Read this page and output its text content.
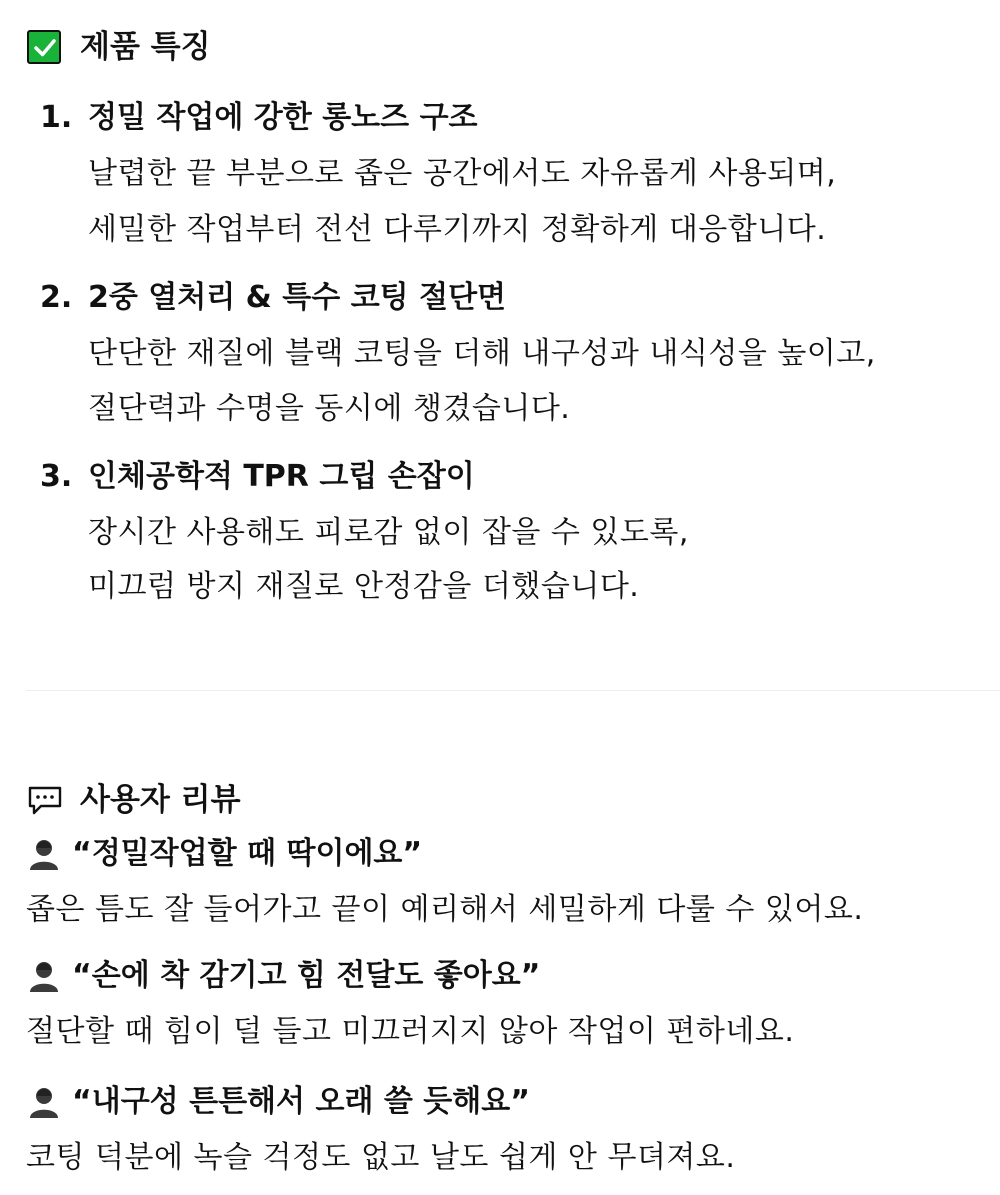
제품 특징
1. 정밀 작업에 강한 롱노즈 구조
날렵한 끝 부분으로 좁은 공간에서도 자유롭게 사용되며,
세밀한 작업부터 전선 다루기까지 정확하게 대응합니다.
2. 2중 열처리 & 특수 코팅 절단면
단단한 재질에 블랙 코팅을 더해 내구성과 내식성을 높이고,
절단력과 수명을 동시에 챙겼습니다.
3. 인체공학적 TPR 그립 손잡이
장시간 사용해도 피로감 없이 잡을 수 있도록,
미끄럼 방지 재질로 안정감을 더했습니다.
사용자 리뷰
“정밀작업할 때 딱이에요”
좁은 틈도 잘 들어가고 끝이 예리해서 세밀하게 다룰 수 있어요.
“손에 착 감기고 힘 전달도 좋아요”
절단할 때 힘이 덜 들고 미끄러지지 않아 작업이 편하네요.
“내구성 튼튼해서 오래 쓸 듯해요”
코팅 덕분에 녹슬 걱정도 없고 날도 쉽게 안 무뎌져요.
